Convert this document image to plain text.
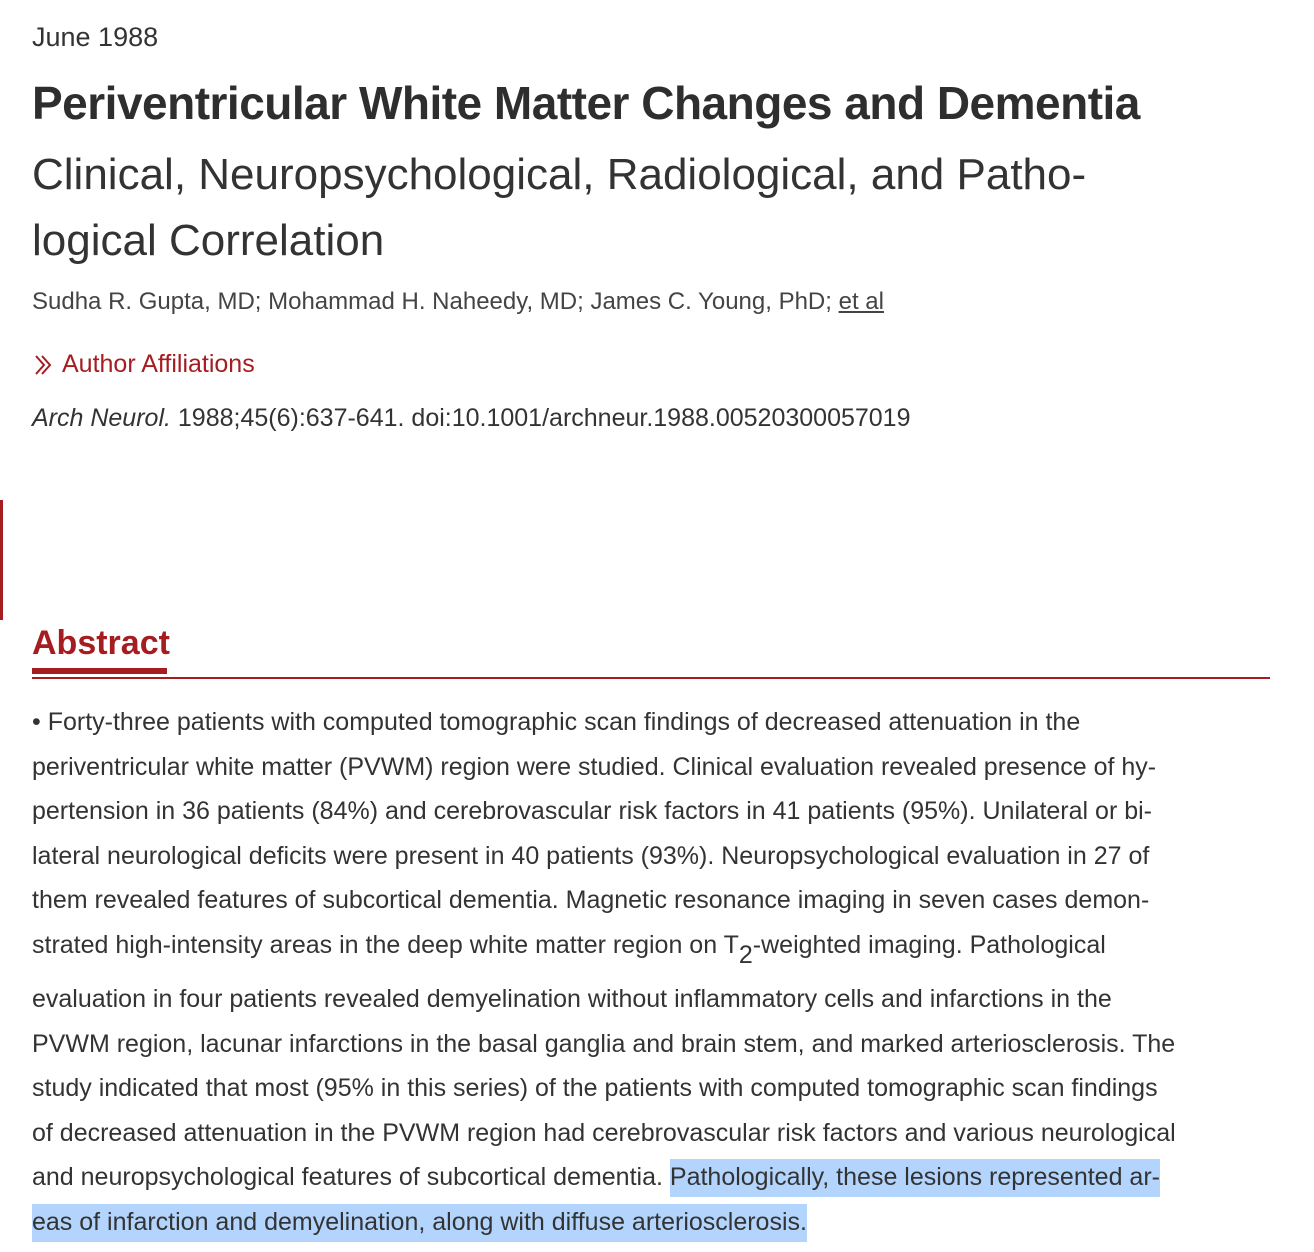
June 1988
Periventricular White Matter Changes and Dementia
Clinical, Neuropsychological, Radiological, and Patho-
logical Correlation
Sudha R. Gupta, MD; Mohammad H. Naheedy, MD; James C. Young, PhD; et al
Author Affiliations
Arch Neurol. 1988;45(6):637-641. doi:10.1001/archneur.1988.00520300057019
Abstract
• Forty-three patients with computed tomographic scan findings of decreased attenuation in the
periventricular white matter (PVWM) region were studied. Clinical evaluation revealed presence of hy-
pertension in 36 patients (84%) and cerebrovascular risk factors in 41 patients (95%). Unilateral or bi-
lateral neurological deficits were present in 40 patients (93%). Neuropsychological evaluation in 27 of
them revealed features of subcortical dementia. Magnetic resonance imaging in seven cases demon-
strated high-intensity areas in the deep white matter region on $T_2$-weighted imaging. Pathological
evaluation in four patients revealed demyelination without inflammatory cells and infarctions in the
PVWM region, lacunar infarctions in the basal ganglia and brain stem, and marked arteriosclerosis. The
study indicated that most (95% in this series) of the patients with computed tomographic scan findings
of decreased attenuation in the PVWM region had cerebrovascular risk factors and various neurological
and neuropsychological features of subcortical dementia. Pathologically, these lesions represented ar-
eas of infarction and demyelination, along with diffuse arteriosclerosis.
